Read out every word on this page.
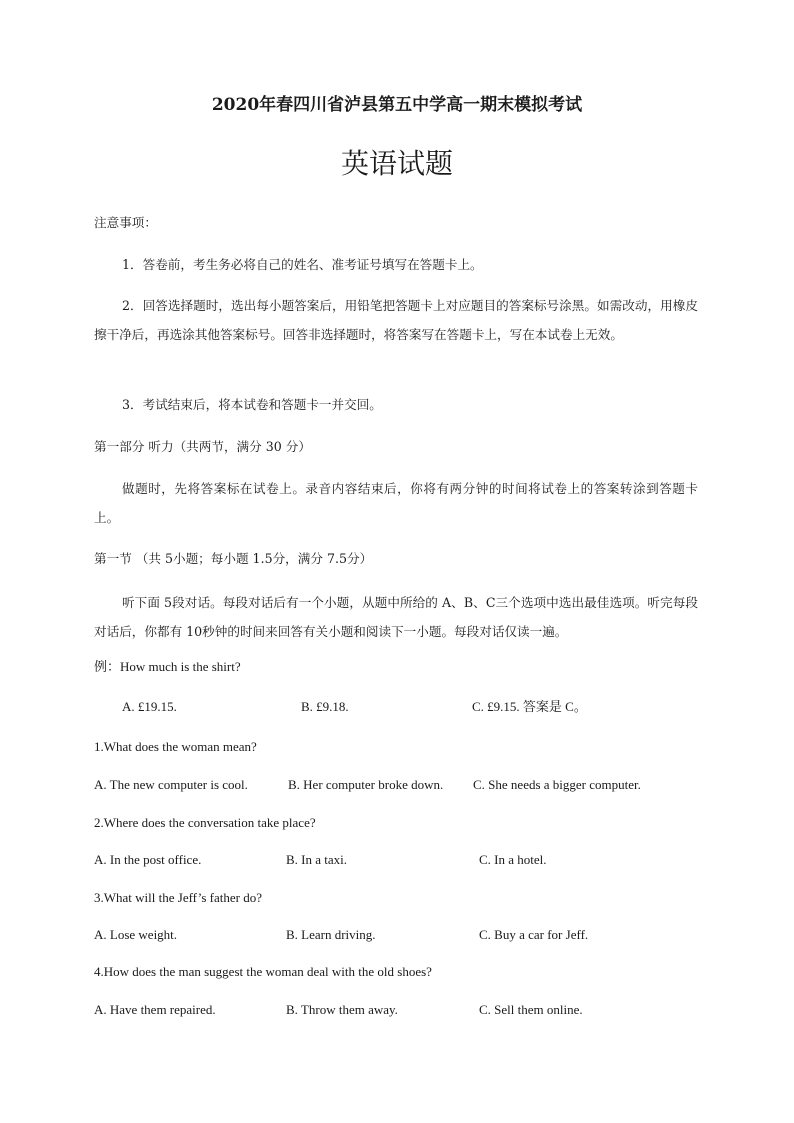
2020年春四川省泸县第五中学高一期末模拟考试
英语试题
注意事项：
1．答卷前，考生务必将自己的姓名、准考证号填写在答题卡上。
2．回答选择题时，选出每小题答案后，用铅笔把答题卡上对应题目的答案标号涂黑。如需改动，用橡皮擦干净后，再选涂其他答案标号。回答非选择题时，将答案写在答题卡上，写在本试卷上无效。
3．考试结束后，将本试卷和答题卡一并交回。
第一部分 听力（共两节，满分 30 分）
做题时，先将答案标在试卷上。录音内容结束后，你将有两分钟的时间将试卷上的答案转涂到答题卡上。
第一节 （共 5小题；每小题 1.5分，满分 7.5分）
听下面 5段对话。每段对话后有一个小题，从题中所给的 A、B、C三个选项中选出最佳选项。听完每段对话后，你都有 10秒钟的时间来回答有关小题和阅读下一小题。每段对话仅读一遍。
例：How much is the shirt?
A. £19.15.	B. £9.18.	C. £9.15. 答案是 C。
1.What does the woman mean?
A. The new computer is cool.	B. Her computer broke down. C. She needs a bigger computer.
2.Where does the conversation take place?
A. In the post office.	B. In a taxi.	C. In a hotel.
3.What will the Jeff’s father do?
A. Lose weight.	B. Learn driving.	C. Buy a car for Jeff.
4.How does the man suggest the woman deal with the old shoes?
A. Have them repaired.	B. Throw them away.	C. Sell them online.
